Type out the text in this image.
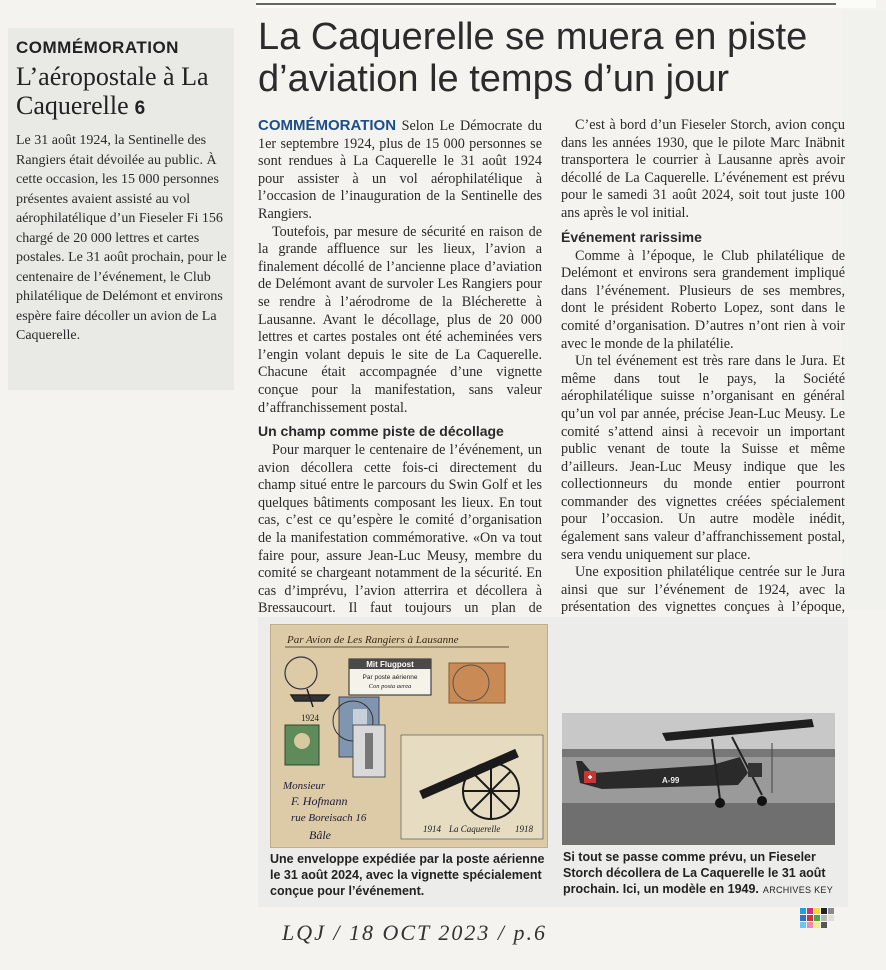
COMMÉMORATION
L’aéropostale à La Caquerelle 6
Le 31 août 1924, la Sentinelle des Rangiers était dévoilée au public. À cette occasion, les 15 000 personnes présentes avaient assisté au vol aérophilatélique d’un Fieseler Fi 156 chargé de 20 000 lettres et cartes postales. Le 31 août prochain, pour le centenaire de l’événement, le Club philatélique de Delémont et environs espère faire décoller un avion de La Caquerelle.
La Caquerelle se muera en piste d’aviation le temps d’un jour

COMMÉMORATION Selon Le Démocrate du 1er septembre 1924, plus de 15 000 personnes se sont rendues à La Caquerelle le 31 août 1924 pour assister à un vol aérophilatélique à l’occasion de l’inauguration de la Sentinelle des Rangiers.

Toutefois, par mesure de sécurité en raison de la grande affluence sur les lieux, l’avion a finalement décollé de l’ancienne place d’aviation de Delémont avant de survoler Les Rangiers pour se rendre à l’aérodrome de la Blécherette à Lausanne. Avant le décollage, plus de 20 000 lettres et cartes postales ont été acheminées vers l’engin volant depuis le site de La Caquerelle. Chacune était accompagnée d’une vignette conçue pour la manifestation, sans valeur d’affranchissement postal.

Un champ comme piste de décollage

Pour marquer le centenaire de l’événement, un avion décollera cette fois-ci directement du champ situé entre le parcours du Swin Golf et les quelques bâtiments composant les lieux. En tout cas, c’est ce qu’espère le comité d’organisation de la manifestation commémorative. «On va tout faire pour, assure Jean-Luc Meusy, membre du comité se chargeant notamment de la sécurité. En cas d’imprévu, l’avion atterrira et décollera à Bressaucourt. Il faut toujours un plan de

C’est à bord d’un Fieseler Storch, avion conçu dans les années 1930, que le pilote Marc Inäbnit transportera le courrier à Lausanne après avoir décollé de La Caquerelle. L’événement est prévu pour le samedi 31 août 2024, soit tout juste 100 ans après le vol initial.

Événement rarissime

Comme à l’époque, le Club philatélique de Delémont et environs sera grandement impliqué dans l’événement. Plusieurs de ses membres, dont le président Roberto Lopez, sont dans le comité d’organisation. D’autres n’ont rien à voir avec le monde de la philatélie.

Un tel événement est très rare dans le Jura. Et même dans tout le pays, la Société aérophilatélique suisse n’organisant en général qu’un vol par année, précise Jean-Luc Meusy. Le comité s’attend ainsi à recevoir un important public venant de toute la Suisse et même d’ailleurs. Jean-Luc Meusy indique que les collectionneurs du monde entier pourront commander des vignettes créées spécialement pour l’occasion. Un autre modèle inédit, également sans valeur d’affranchissement postal, sera vendu uniquement sur place.

Une exposition philatélique centrée sur le Jura ainsi que sur l’événement de 1924, avec la présentation des vignettes conçues à l’époque,

Par Avion de Les Rangiers à Lausanne
1924
Mit Flugpost
Par poste aérienne
Con posta aerea
1914 La Caquerelle 1918
Monsieur
F. Hofmann
rue Boreisach 16
Bâle
A-99
Une enveloppe expédiée par la poste aérienne le 31 août 2024, avec la vignette spécialement conçue pour l’événement.
Si tout se passe comme prévu, un Fieseler Storch décollera de La Caquerelle le 31 août prochain. Ici, un modèle en 1949. ARCHIVES KEY
LQJ / 18 OCT 2023 / p.6
